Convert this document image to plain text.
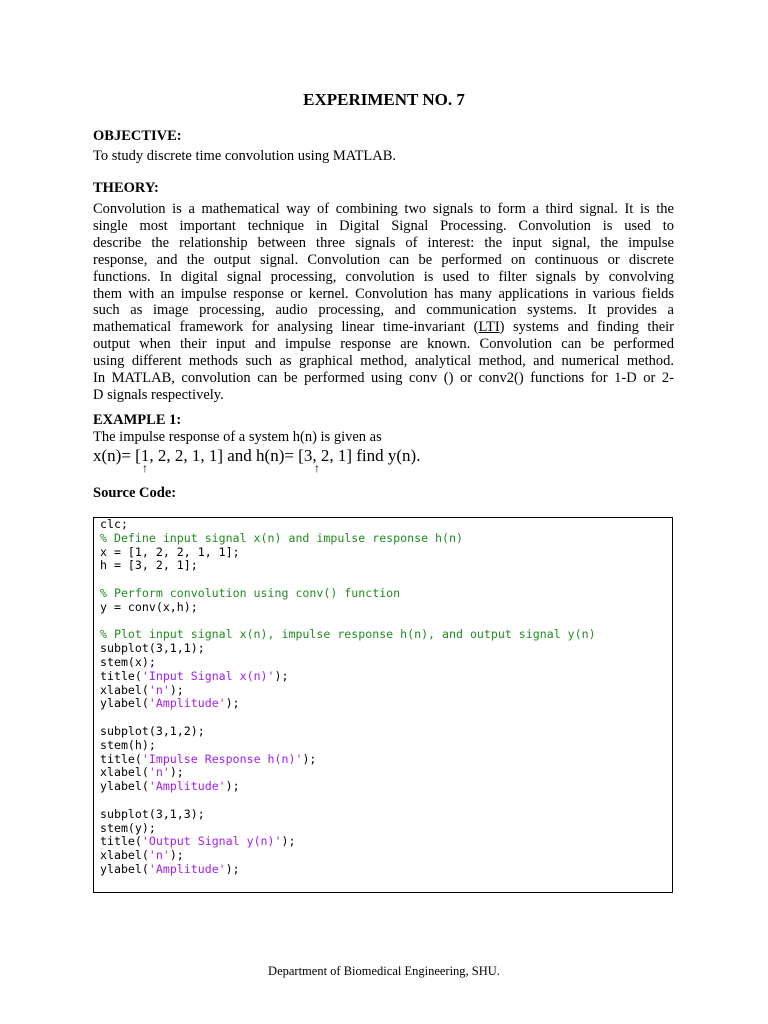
EXPERIMENT NO. 7
OBJECTIVE:
To study discrete time convolution using MATLAB.
THEORY:
Convolution is a mathematical way of combining two signals to form a third signal. It is the
single most important technique in Digital Signal Processing. Convolution is used to
describe the relationship between three signals of interest: the input signal, the impulse
response, and the output signal. Convolution can be performed on continuous or discrete
functions. In digital signal processing, convolution is used to filter signals by convolving
them with an impulse response or kernel. Convolution has many applications in various fields
such as image processing, audio processing, and communication systems. It provides a
mathematical framework for analysing linear time-invariant (LTI) systems and finding their
output when their input and impulse response are known. Convolution can be performed
using different methods such as graphical method, analytical method, and numerical method.
In MATLAB, convolution can be performed using conv () or conv2() functions for 1-D or 2-
D signals respectively.
EXAMPLE 1:
The impulse response of a system h(n) is given as
x(n)= [1, 2, 2, 1, 1] and h(n)= [3, 2, 1] find y(n).
↑	↑
Source Code:
clc;
% Define input signal x(n) and impulse response h(n)
x = [1, 2, 2, 1, 1];
h = [3, 2, 1];
% Perform convolution using conv() function
y = conv(x,h);
% Plot input signal x(n), impulse response h(n), and output signal y(n)
subplot(3,1,1);
stem(x);
title('Input Signal x(n)');
xlabel('n');
ylabel('Amplitude');
subplot(3,1,2);
stem(h);
title('Impulse Response h(n)');
xlabel('n');
ylabel('Amplitude');
subplot(3,1,3);
stem(y);
title('Output Signal y(n)');
xlabel('n');
ylabel('Amplitude');
Department of Biomedical Engineering, SHU.
